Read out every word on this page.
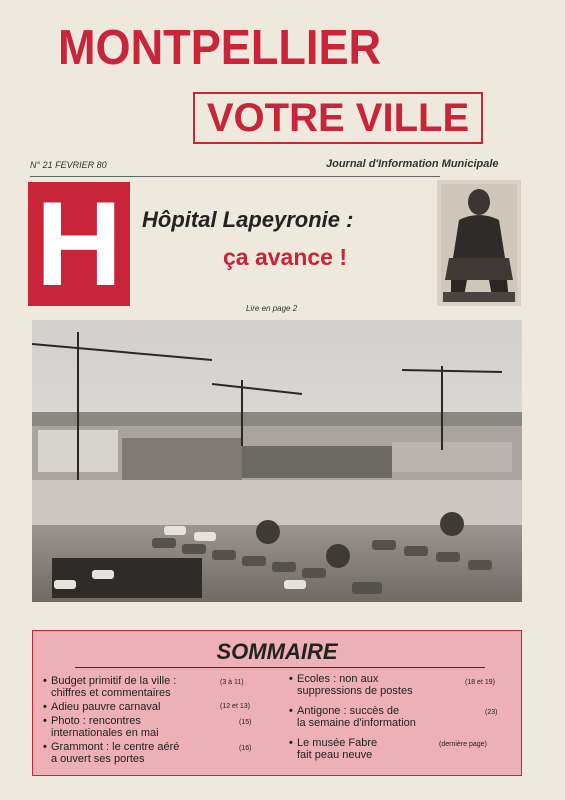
MONTPELLIER
VOTRE VILLE
N° 21 FEVRIER 80	Journal d'Information Municipale
H Hôpital Lapeyronie :
ça avance !
Lire en page 2
SOMMAIRE
• Budget primitif de la ville :
chiffres et commentaires
(3 à 11)
• Adieu pauvre carnaval	(12 et 13)
• Photo : rencontres
internationales en mai
(15)
• Grammont : le centre aéré
a ouvert ses portes
(16)
• Ecoles : non aux
suppressions de postes
(18 et 19)
• Antigone : succès de
la semaine d'information
(23)
• Le musée Fabre
fait peau neuve
(dernière page)
